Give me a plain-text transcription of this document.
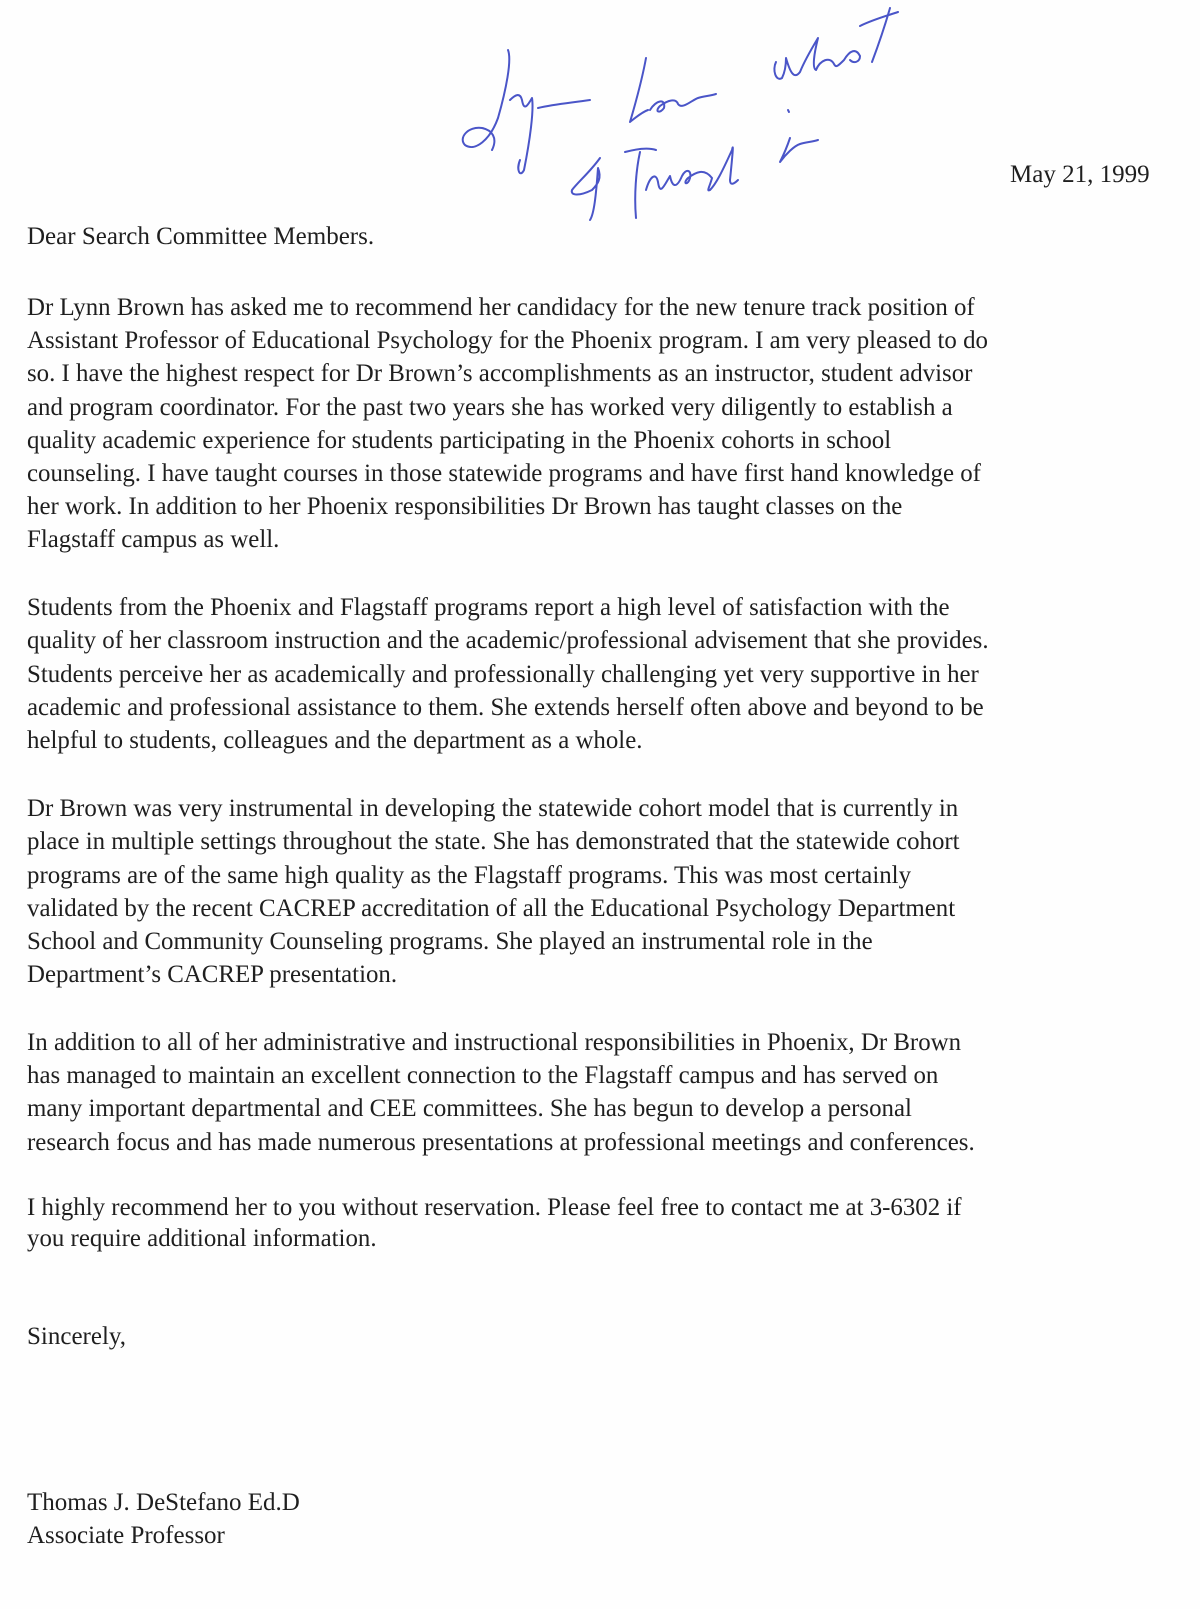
May 21, 1999
Dear Search Committee Members.
Dr Lynn Brown has asked me to recommend her candidacy for the new tenure track position of
Assistant Professor of Educational Psychology for the Phoenix program. I am very pleased to do
so. I have the highest respect for Dr Brown’s accomplishments as an instructor, student advisor
and program coordinator. For the past two years she has worked very diligently to establish a
quality academic experience for students participating in the Phoenix cohorts in school
counseling. I have taught courses in those statewide programs and have first hand knowledge of
her work. In addition to her Phoenix responsibilities Dr Brown has taught classes on the
Flagstaff campus as well.
Students from the Phoenix and Flagstaff programs report a high level of satisfaction with the
quality of her classroom instruction and the academic/professional advisement that she provides.
Students perceive her as academically and professionally challenging yet very supportive in her
academic and professional assistance to them. She extends herself often above and beyond to be
helpful to students, colleagues and the department as a whole.
Dr Brown was very instrumental in developing the statewide cohort model that is currently in
place in multiple settings throughout the state. She has demonstrated that the statewide cohort
programs are of the same high quality as the Flagstaff programs. This was most certainly
validated by the recent CACREP accreditation of all the Educational Psychology Department
School and Community Counseling programs. She played an instrumental role in the
Department’s CACREP presentation.
In addition to all of her administrative and instructional responsibilities in Phoenix, Dr Brown
has managed to maintain an excellent connection to the Flagstaff campus and has served on
many important departmental and CEE committees. She has begun to develop a personal
research focus and has made numerous presentations at professional meetings and conferences.
I highly recommend her to you without reservation. Please feel free to contact me at 3-6302 if
you require additional information.
Sincerely,
Thomas J. DeStefano Ed.D
Associate Professor
